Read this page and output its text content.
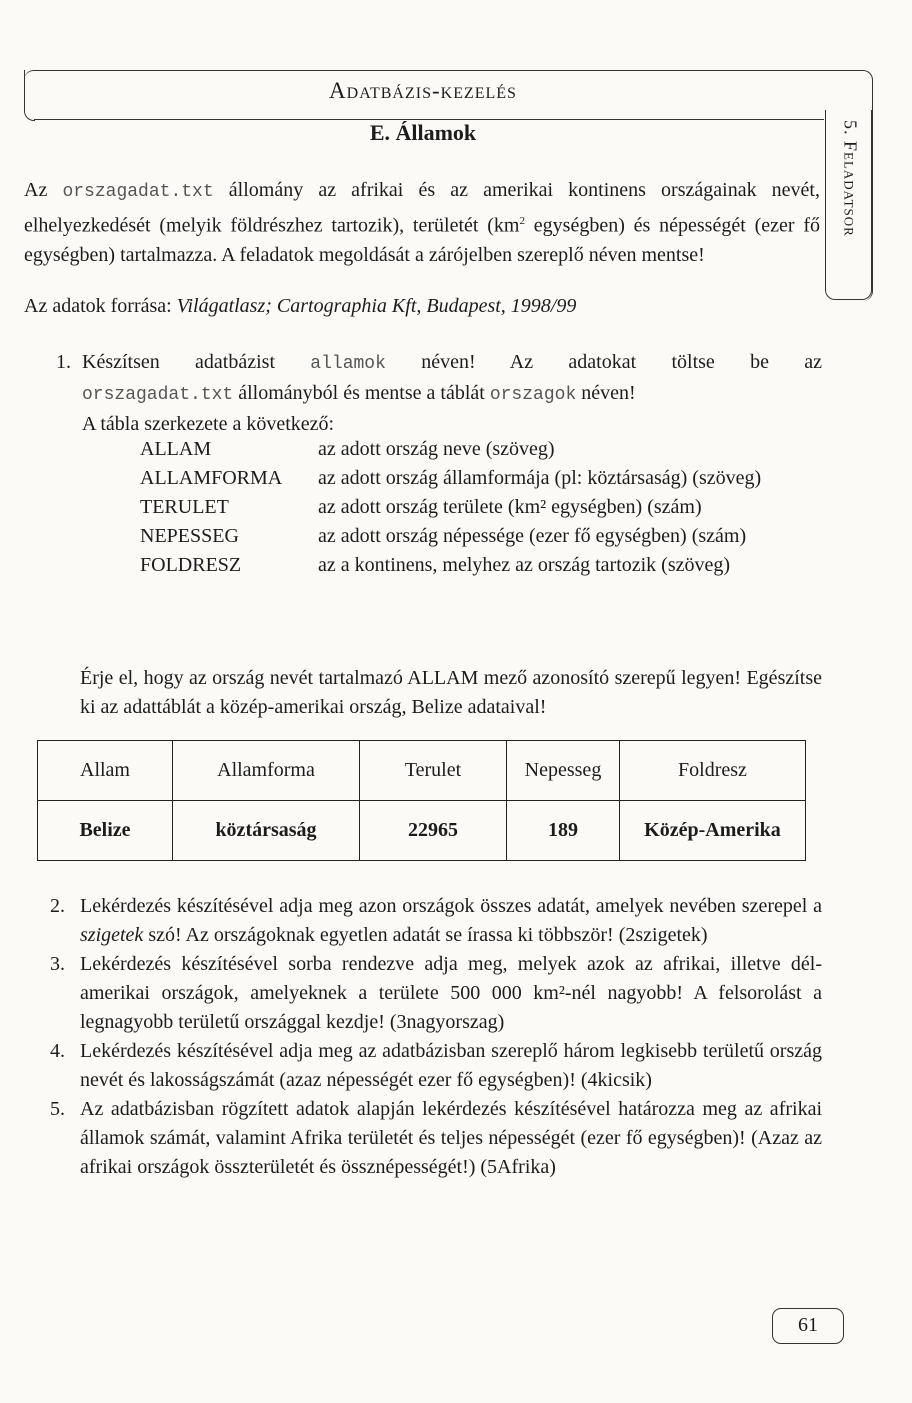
Adatbázis-kezelés
E. Államok	5. Feladatsor
Az orszagadat.txt állomány az afrikai és az amerikai kontinens országainak nevét, elhelyezkedését (melyik földrészhez tartozik), területét ($km^2$ egységben) és népességét (ezer fő egységben) tartalmazza. A feladatok megoldását a zárójelben szereplő néven mentse!
Az adatok forrása: Világatlasz; Cartographia Kft, Budapest, 1998/99
1. Készítsen adatbázist allamok néven! Az adatokat töltse be az
orszagadat.txt állományból és mentse a táblát orszagok néven!
A tábla szerkezete a következő:
ALLAM	az adott ország neve (szöveg)
ALLAMFORMA	az adott ország államformája (pl: köztársaság) (szöveg)
TERULET	az adott ország területe (km² egységben) (szám)
NEPESSEG	az adott ország népessége (ezer fő egységben) (szám)
FOLDRESZ	az a kontinens, melyhez az ország tartozik (szöveg)
Érje el, hogy az ország nevét tartalmazó ALLAM mező azonosító szerepű legyen! Egészítse ki az adattáblát a közép-amerikai ország, Belize adataival!
Allam	Allamforma	Terulet	Nepesseg	Foldresz
Belize	köztársaság	22965	189	Közép-Amerika
2. Lekérdezés készítésével adja meg azon országok összes adatát, amelyek nevében szerepel a szigetek szó! Az országoknak egyetlen adatát se írassa ki többször! (2szigetek)
3. Lekérdezés készítésével sorba rendezve adja meg, melyek azok az afrikai, illetve dél-amerikai országok, amelyeknek a területe 500 000 km²-nél nagyobb! A felsorolást a legnagyobb területű országgal kezdje! (3nagyorszag)
4. Lekérdezés készítésével adja meg az adatbázisban szereplő három legkisebb területű ország nevét és lakosságszámát (azaz népességét ezer fő egységben)! (4kicsik)
5. Az adatbázisban rögzített adatok alapján lekérdezés készítésével határozza meg az afrikai államok számát, valamint Afrika területét és teljes népességét (ezer fő egységben)! (Azaz az afrikai országok összterületét és össznépességét!) (5Afrika)
61
